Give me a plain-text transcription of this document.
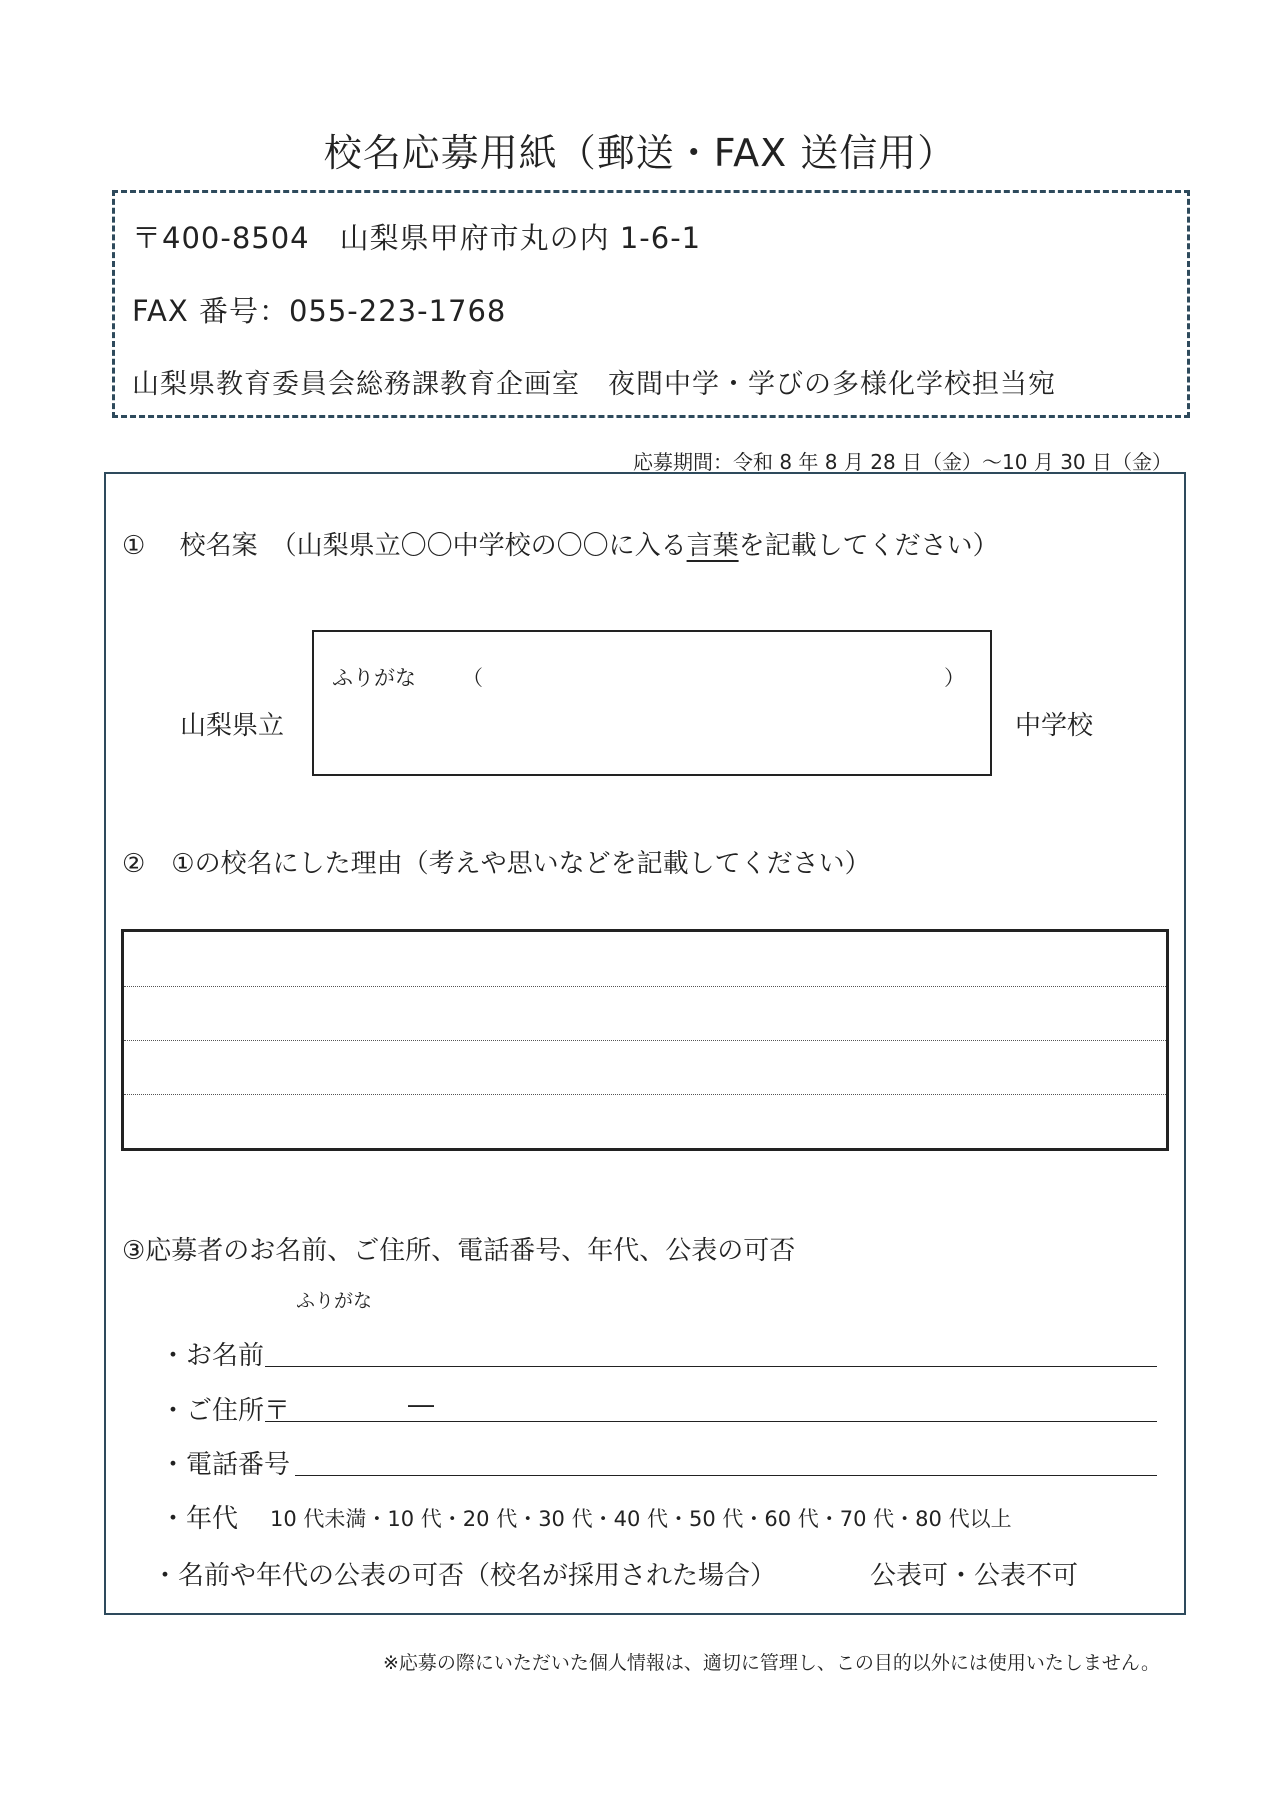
校名応募用紙（郵送・FAX 送信用）
〒400-8504　山梨県甲府市丸の内 1-6-1
FAX 番号：055-223-1768
山梨県教育委員会総務課教育企画室　夜間中学・学びの多様化学校担当宛
応募期間：令和 8 年 8 月 28 日（金）～10 月 30 日（金）
①　 校名案　（山梨県立〇〇中学校の〇〇に入る言葉を記載してください）
山梨県立
ふりがな （	）
中学校
②　①の校名にした理由（考えや思いなどを記載してください）
③応募者のお名前、ご住所、電話番号、年代、公表の可否
ふりがな
・お名前
・ご住所〒	―
・電話番号
・年代 10 代未満・10 代・20 代・30 代・40 代・50 代・60 代・70 代・80 代以上
・名前や年代の公表の可否（校名が採用された場合）	公表可・公表不可
※応募の際にいただいた個人情報は、適切に管理し、この目的以外には使用いたしません。
